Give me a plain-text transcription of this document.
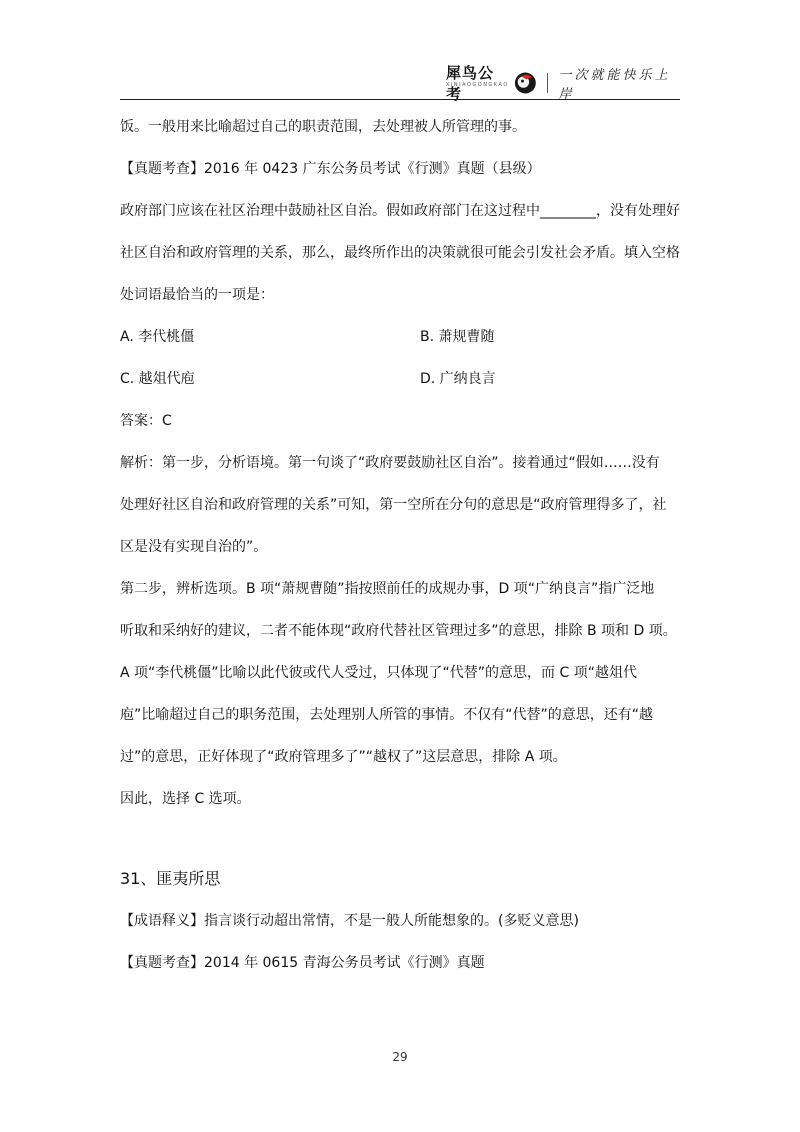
犀鸟公考
XINIAOGONGKAO
一次就能快乐上岸

饭。一般用来比喻超过自己的职责范围，去处理被人所管理的事。

【真题考查】2016 年 0423 广东公务员考试《行测》真题（县级）

政府部门应该在社区治理中鼓励社区自治。假如政府部门在这过程中________，没有处理好

社区自治和政府管理的关系，那么，最终所作出的决策就很可能会引发社会矛盾。填入空格

处词语最恰当的一项是：

A. 李代桃僵	B. 萧规曹随
C. 越俎代庖	D. 广纳良言

答案：C

解析：第一步，分析语境。第一句谈了“政府要鼓励社区自治”。接着通过“假如……没有

处理好社区自治和政府管理的关系”可知，第一空所在分句的意思是“政府管理得多了，社

区是没有实现自治的”。

第二步，辨析选项。B 项“萧规曹随”指按照前任的成规办事，D 项“广纳良言”指广泛地

听取和采纳好的建议，二者不能体现“政府代替社区管理过多”的意思，排除 B 项和 D 项。

A 项“李代桃僵”比喻以此代彼或代人受过，只体现了“代替”的意思，而 C 项“越俎代

庖”比喻超过自己的职务范围，去处理别人所管的事情。不仅有“代替”的意思，还有“越

过”的意思，正好体现了“政府管理多了”“越权了”这层意思，排除 A 项。

因此，选择 C 选项。

31、匪夷所思

【成语释义】指言谈行动超出常情，不是一般人所能想象的。(多贬义意思)

【真题考查】2014 年 0615 青海公务员考试《行测》真题

29
